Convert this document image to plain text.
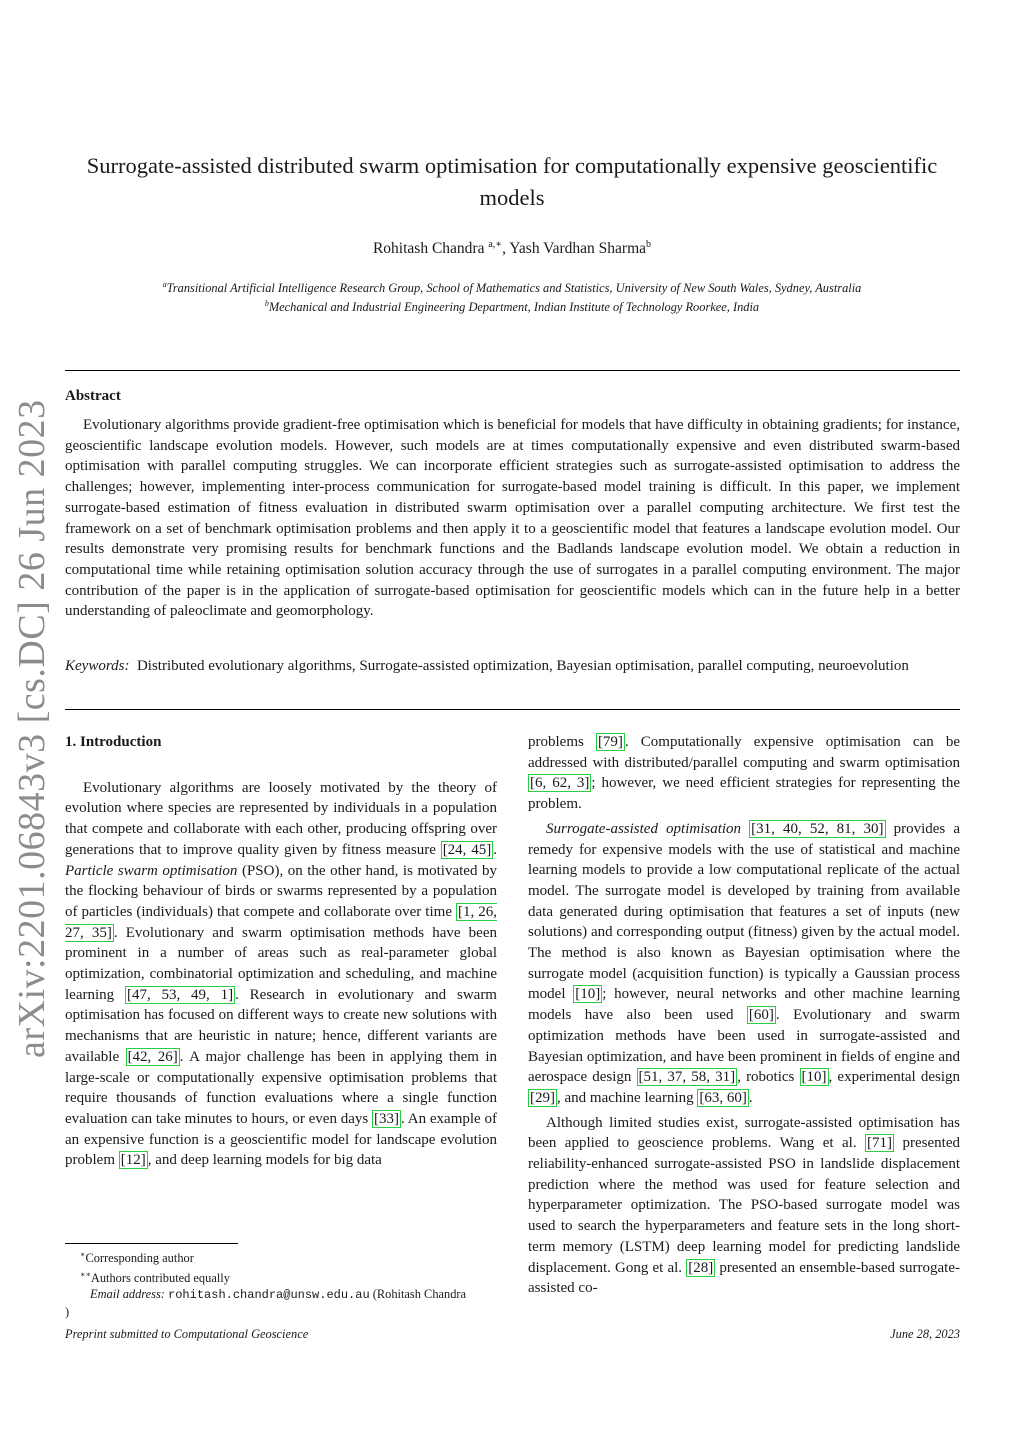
arXiv:2201.06843v3 [cs.DC] 26 Jun 2023
Surrogate-assisted distributed swarm optimisation for computationally expensive geoscientific models
Rohitash Chandra $^{a,∗}$, Yash Vardhan Sharma$^b$
$^a$Transitional Artificial Intelligence Research Group, School of Mathematics and Statistics, University of New South Wales, Sydney, Australia
$^b$Mechanical and Industrial Engineering Department, Indian Institute of Technology Roorkee, India
Abstract

Evolutionary algorithms provide gradient-free optimisation which is beneficial for models that have difficulty in obtaining gradients; for instance, geoscientific landscape evolution models. However, such models are at times computationally expensive and even distributed swarm-based optimisation with parallel computing struggles. We can incorporate efficient strategies such as surrogate-assisted optimisation to address the challenges; however, implementing inter-process communication for surrogate-based model training is difficult. In this paper, we implement surrogate-based estimation of fitness evaluation in distributed swarm optimisation over a parallel computing architecture. We first test the framework on a set of benchmark optimisation problems and then apply it to a geoscientific model that features a landscape evolution model. Our results demonstrate very promising results for benchmark functions and the Badlands landscape evolution model. We obtain a reduction in computational time while retaining optimisation solution accuracy through the use of surrogates in a parallel computing environment. The major contribution of the paper is in the application of surrogate-based optimisation for geoscientific models which can in the future help in a better understanding of paleoclimate and geomorphology.

Keywords: Distributed evolutionary algorithms, Surrogate-assisted optimization, Bayesian optimisation, parallel computing, neuroevolution
1. Introduction

Evolutionary algorithms are loosely motivated by the theory of evolution where species are represented by individuals in a population that compete and collaborate with each other, producing offspring over generations that to improve quality given by fitness measure [24, 45] . Particle swarm optimisation (PSO), on the other hand, is motivated by the flocking behaviour of birds or swarms represented by a population of particles (individuals) that compete and collaborate over time [1, 26, 27, 35] . Evolutionary and swarm optimisation methods have been prominent in a number of areas such as real-parameter global optimization, combinatorial optimization and scheduling, and machine learning [47, 53, 49, 1] . Research in evolutionary and swarm optimisation has focused on different ways to create new solutions with mechanisms that are heuristic in nature; hence, different variants are available [42, 26] . A major challenge has been in applying them in large-scale or computationally expensive optimisation problems that require thousands of function evaluations where a single function evaluation can take minutes to hours, or even days [33] . An example of an expensive function is a geoscientific model for landscape evolution problem [12] , and deep learning models for big data

∗Corresponding author
∗∗Authors contributed equally
Email address: rohitash.chandra@unsw.edu.au (Rohitash Chandra
)

problems [79] . Computationally expensive optimisation can be addressed with distributed/parallel computing and swarm optimisation [6, 62, 3] ; however, we need efficient strategies for representing the problem.

Surrogate-assisted optimisation [31, 40, 52, 81, 30] provides a remedy for expensive models with the use of statistical and machine learning models to provide a low computational replicate of the actual model. The surrogate model is developed by training from available data generated during optimisation that features a set of inputs (new solutions) and corresponding output (fitness) given by the actual model. The method is also known as Bayesian optimisation where the surrogate model (acquisition function) is typically a Gaussian process model [10] ; however, neural networks and other machine learning models have also been used [60] . Evolutionary and swarm optimization methods have been used in surrogate-assisted and Bayesian optimization, and have been prominent in fields of engine and aerospace design [51, 37, 58, 31] , robotics [10] , experimental design [29] , and machine learning [63, 60] .

Although limited studies exist, surrogate-assisted optimisation has been applied to geoscience problems. Wang et al. [71] presented reliability-enhanced surrogate-assisted PSO in landslide displacement prediction where the method was used for feature selection and hyperparameter optimization. The PSO-based surrogate model was used to search the hyperparameters and feature sets in the long short-term memory (LSTM) deep learning model for predicting landslide displacement. Gong et al. [28] presented an ensemble-based surrogate-assisted co-

Preprint submitted to Computational Geoscience	June 28, 2023
